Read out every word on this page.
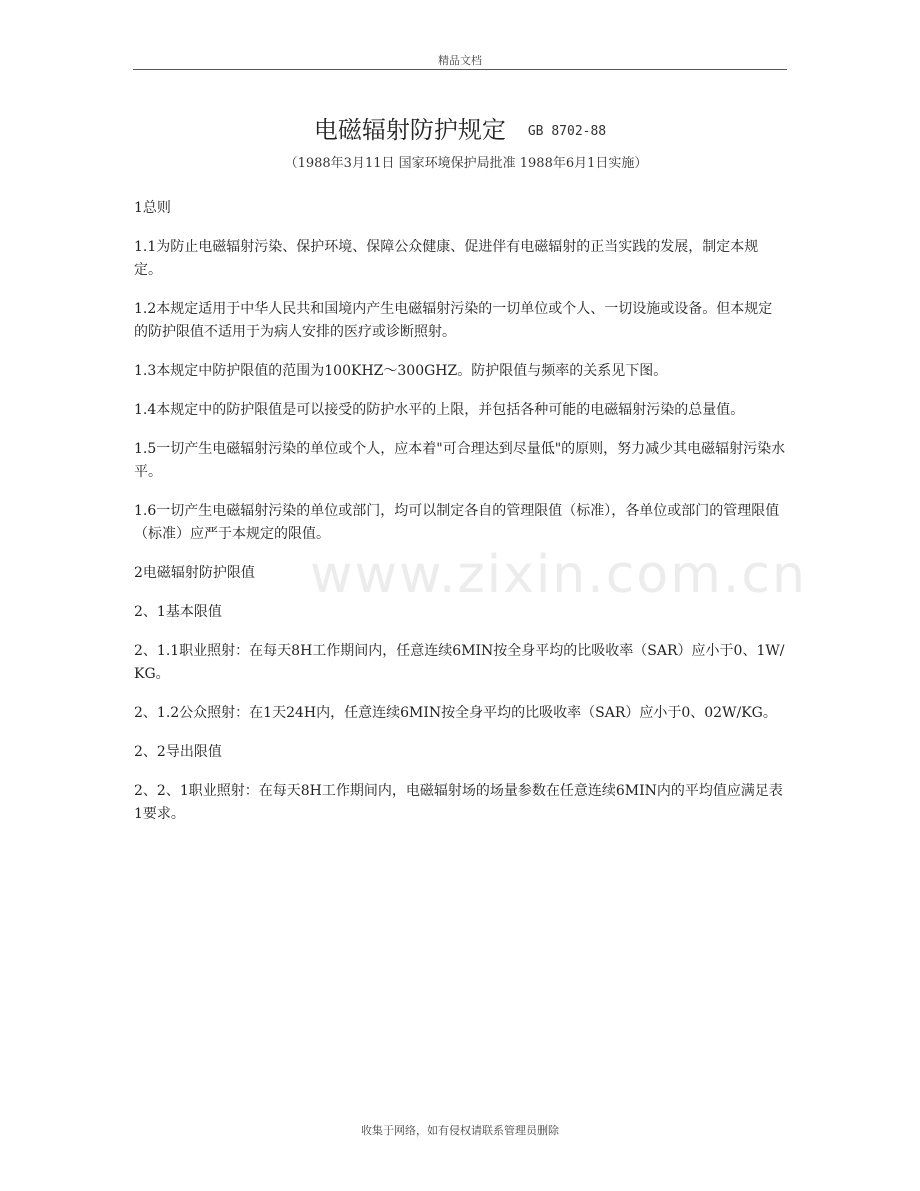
精品文档
www.zixin.com.cn
电磁辐射防护规定 GB 8702-88
（1988年3月11日 国家环境保护局批准 1988年6月1日实施）

1总则

1.1为防止电磁辐射污染、保护环境、保障公众健康、促进伴有电磁辐射的正当实践的发展，制定本规定。

1.2本规定适用于中华人民共和国境内产生电磁辐射污染的一切单位或个人、一切设施或设备。但本规定的防护限值不适用于为病人安排的医疗或诊断照射。

1.3本规定中防护限值的范围为100KHZ～300GHZ。防护限值与频率的关系见下图。

1.4本规定中的防护限值是可以接受的防护水平的上限，并包括各种可能的电磁辐射污染的总量值。

1.5一切产生电磁辐射污染的单位或个人，应本着"可合理达到尽量低"的原则，努力减少其电磁辐射污染水平。

1.6一切产生电磁辐射污染的单位或部门，均可以制定各自的管理限值（标准），各单位或部门的管理限值（标准）应严于本规定的限值。

2电磁辐射防护限值

2、1基本限值

2、1.1职业照射：在每天8H工作期间内，任意连续6MIN按全身平均的比吸收率（SAR）应小于0、1W/KG。

2、1.2公众照射：在1天24H内，任意连续6MIN按全身平均的比吸收率（SAR）应小于0、02W/KG。

2、2导出限值

2、2、1职业照射：在每天8H工作期间内，电磁辐射场的场量参数在任意连续6MIN内的平均值应满足表1要求。

收集于网络，如有侵权请联系管理员删除
